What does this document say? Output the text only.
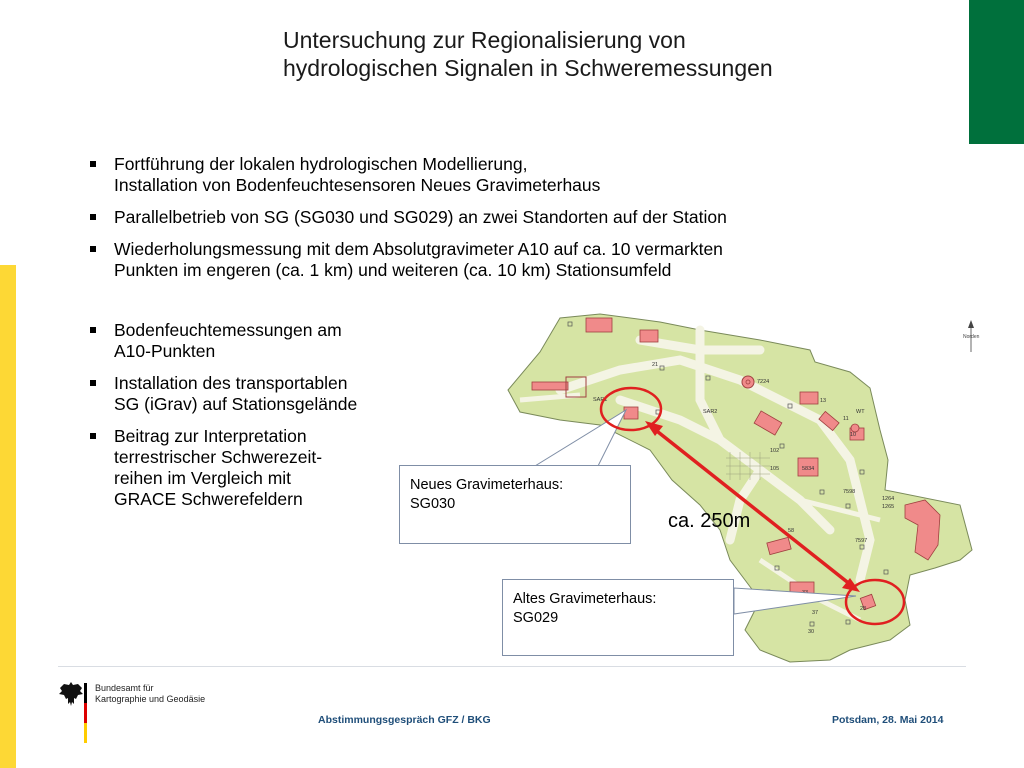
Untersuchung zur Regionalisierung von
hydrologischen Signalen in Schweremessungen
Fortführung der lokalen hydrologischen Modellierung,
Installation von Bodenfeuchtesensoren Neues Gravimeterhaus
Parallelbetrieb von SG (SG030 und SG029) an zwei Standorten auf der Station
Wiederholungsmessung mit dem Absolutgravimeter A10 auf ca. 10 vermarkten
Punkten im engeren (ca. 1 km) und weiteren (ca. 10 km) Stationsumfeld
Bodenfeuchtemessungen am
A10-Punkten
Installation des transportablen
SG (iGrav) auf Stationsgelände
Beitrag zur Interpretation
terrestrischer Schwerezeit-
reihen im Vergleich mit
GRACE Schwerefeldern
21
7224
SAR1
SAR2
13
11
10
102
105	5834
7598
1264
1265
7597
28
37
30
58
WT
Norden
Neues Gravimeterhaus:
SG030
Altes Gravimeterhaus:
SG029
ca. 250m
Bundesamt für
Kartographie und Geodäsie
Abstimmungsgespräch GFZ / BKG	Potsdam, 28. Mai 2014
